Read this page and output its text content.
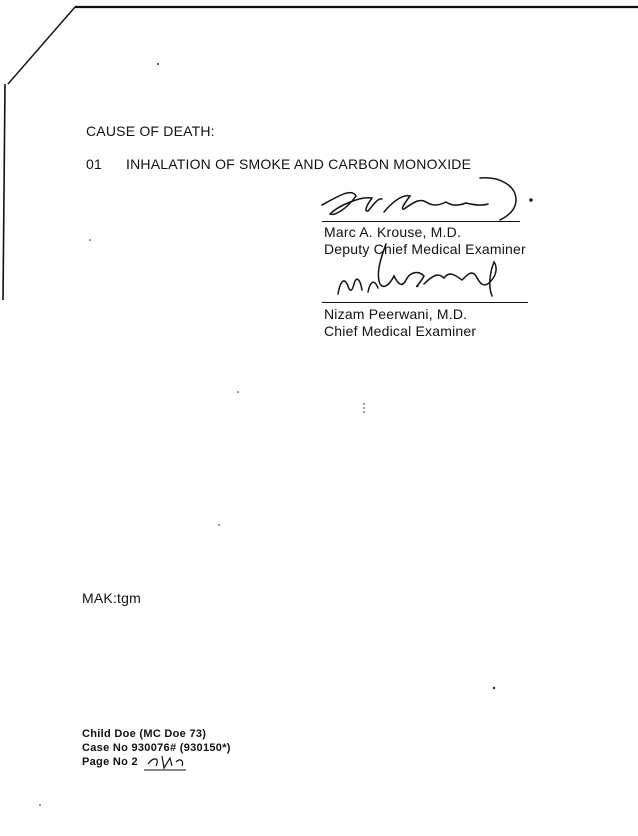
CAUSE OF DEATH:
01 INHALATION OF SMOKE AND CARBON MONOXIDE
Marc A. Krouse, M.D.
Deputy Chief Medical Examiner
Nizam Peerwani, M.D.
Chief Medical Examiner
MAK:tgm
Child Doe (MC Doe 73)
Case No 930076# (930150*)
Page No 2
